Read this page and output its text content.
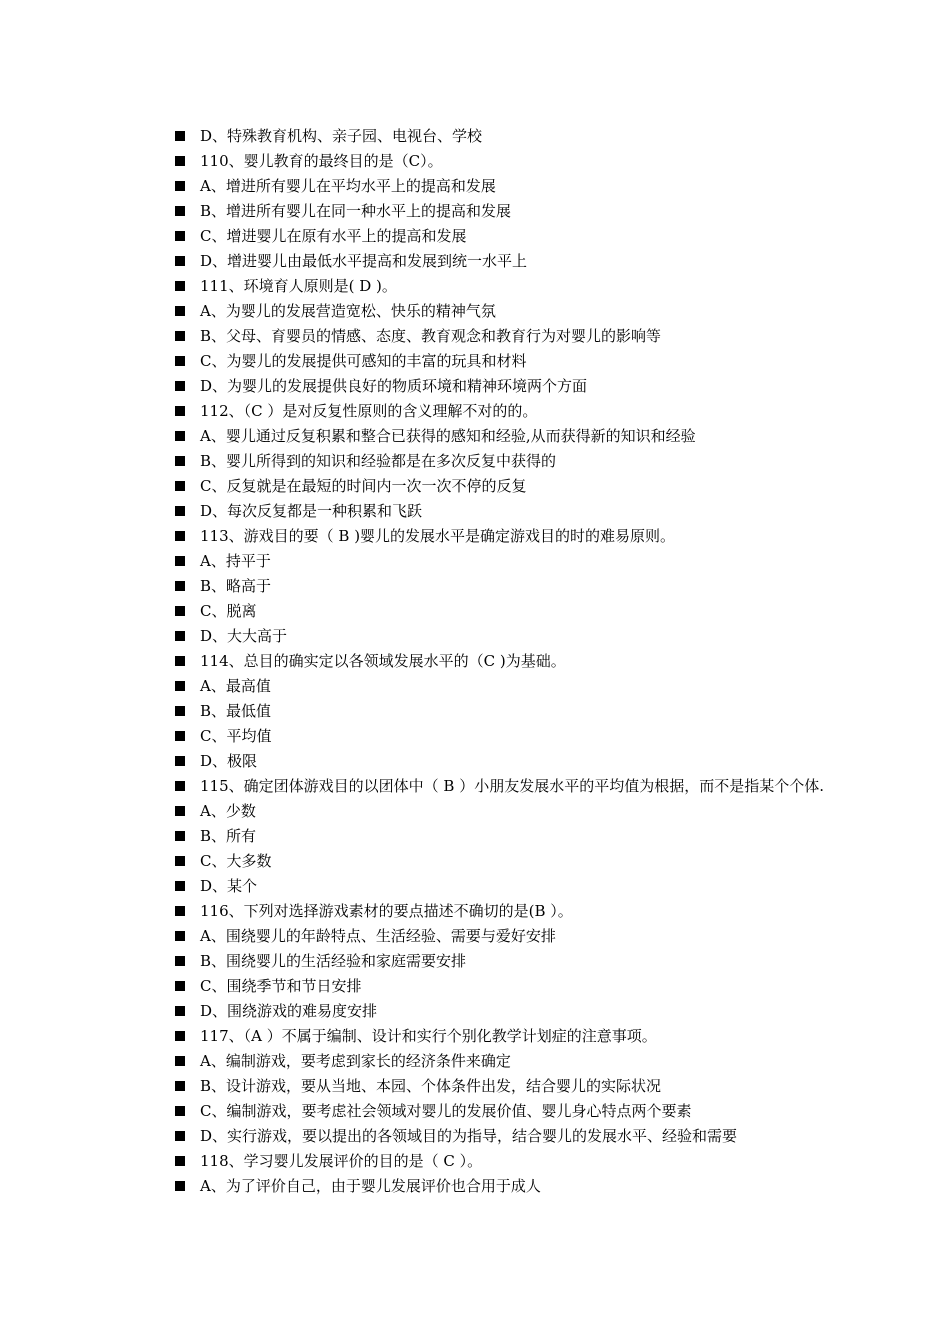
D、特殊教育机构、亲子园、电视台、学校
110、婴儿教育的最终目的是（C）。
A、增进所有婴儿在平均水平上的提高和发展
B、增进所有婴儿在同一种水平上的提高和发展
C、增进婴儿在原有水平上的提高和发展
D、增进婴儿由最低水平提高和发展到统一水平上
111、环境育人原则是( D )。
A、为婴儿的发展营造宽松、快乐的精神气氛
B、父母、育婴员的情感、态度、教育观念和教育行为对婴儿的影响等
C、为婴儿的发展提供可感知的丰富的玩具和材料
D、为婴儿的发展提供良好的物质环境和精神环境两个方面
112、（C ）是对反复性原则的含义理解不对的的。
A、婴儿通过反复积累和整合已获得的感知和经验,从而获得新的知识和经验
B、婴儿所得到的知识和经验都是在多次反复中获得的
C、反复就是在最短的时间内一次一次不停的反复
D、每次反复都是一种积累和飞跃
113、游戏目的要（ B )婴儿的发展水平是确定游戏目的时的难易原则。
A、持平于
B、略高于
C、脱离
D、大大高于
114、总目的确实定以各领域发展水平的（C )为基础。
A、最高值
B、最低值
C、平均值
D、极限
115、确定团体游戏目的以团体中（ B ）小朋友发展水平的平均值为根据，而不是指某个个体.
A、少数
B、所有
C、大多数
D、某个
116、下列对选择游戏素材的要点描述不确切的是(B ）。
A、围绕婴儿的年龄特点、生活经验、需要与爱好安排
B、围绕婴儿的生活经验和家庭需要安排
C、围绕季节和节日安排
D、围绕游戏的难易度安排
117、（A ）不属于编制、设计和实行个别化教学计划症的注意事项。
A、编制游戏，要考虑到家长的经济条件来确定
B、设计游戏，要从当地、本园、个体条件出发，结合婴儿的实际状况
C、编制游戏，要考虑社会领域对婴儿的发展价值、婴儿身心特点两个要素
D、实行游戏，要以提出的各领域目的为指导，结合婴儿的发展水平、经验和需要
118、学习婴儿发展评价的目的是（ C ）。
A、为了评价自己，由于婴儿发展评价也合用于成人
